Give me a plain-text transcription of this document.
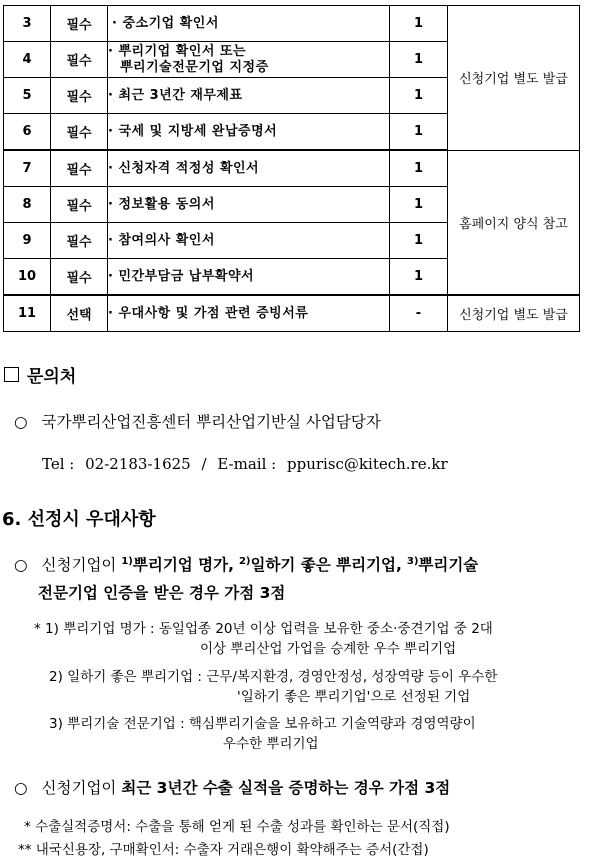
3	필수	· 중소기업 확인서	1	신청기업 별도 발급
4	필수	· 뿌리기업 확인서 또는
뿌리기술전문기업 지정증	1	
5	필수	· 최근 3년간 재무제표	1	
6	필수	· 국세 및 지방세 완납증명서	1	
7	필수	· 신청자격 적정성 확인서	1	홈페이지 양식 참고
8	필수	· 정보활용 동의서	1	
9	필수	· 참여의사 확인서	1	
10	필수	· 민간부담금 납부확약서	1	
11	선택	· 우대사항 및 가점 관련 증빙서류	-	신청기업 별도 발급
문의처
○ 국가뿌리산업진흥센터 뿌리산업기반실 사업담당자
Tel : 02-2183-1625 / E-mail : ppurisc@kitech.re.kr
6. 선정시 우대사항
○ 신청기업이 $^{1)}$뿌리기업 명가, $^{2)}$일하기 좋은 뿌리기업, $^{3)}$뿌리기술
전문기업 인증을 받은 경우 가점 3점
* 1) 뿌리기업 명가 : 동일업종 20년 이상 업력을 보유한 중소·중견기업 중 2대
이상 뿌리산업 가업을 승계한 우수 뿌리기업
2) 일하기 좋은 뿌리기업 : 근무/복지환경, 경영안정성, 성장역량 등이 우수한
'일하기 좋은 뿌리기업'으로 선정된 기업
3) 뿌리기술 전문기업 : 핵심뿌리기술을 보유하고 기술역량과 경영역량이
우수한 뿌리기업
○ 신청기업이 최근 3년간 수출 실적을 증명하는 경우 가점 3점
* 수출실적증명서: 수출을 통해 얻게 된 수출 성과를 확인하는 문서(직접)
** 내국신용장, 구매확인서: 수출자 거래은행이 확약해주는 증서(간접)
